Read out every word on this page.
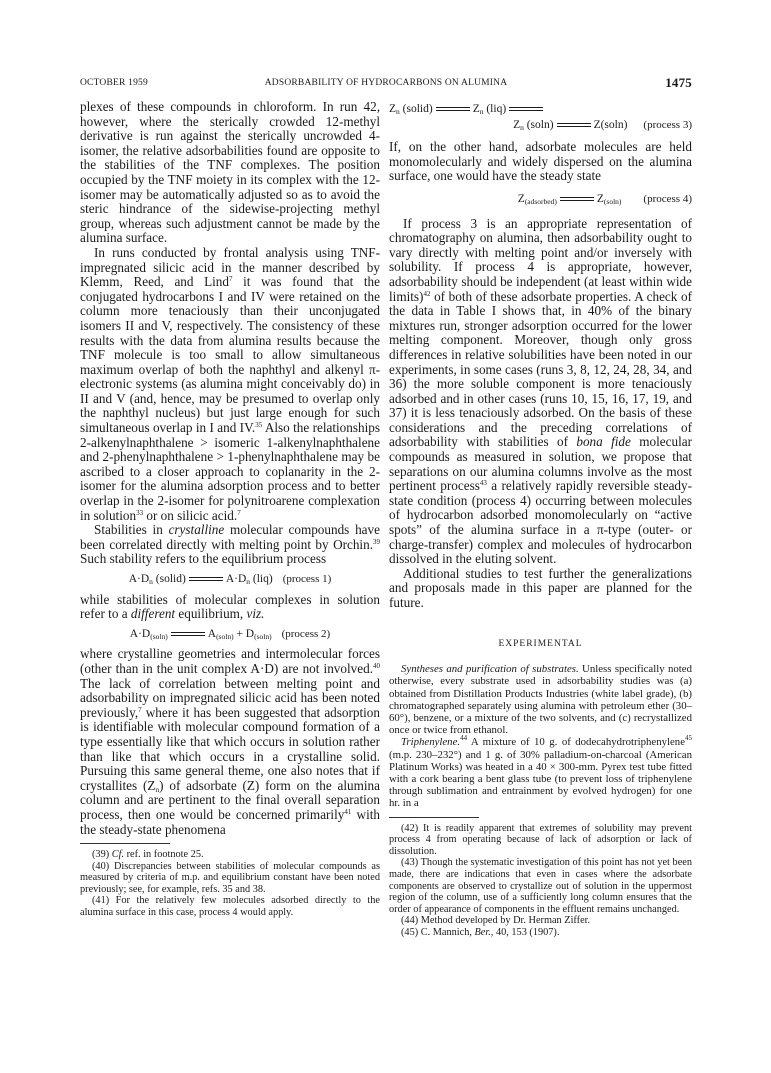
OCTOBER 1959	ADSORBABILITY OF HYDROCARBONS ON ALUMINA	1475

plexes of these compounds in chloroform. In run 42, however, where the sterically crowded 12-methyl derivative is run against the sterically uncrowded 4-isomer, the relative adsorbabilities found are opposite to the stabilities of the TNF complexes. The position occupied by the TNF moiety in its complex with the 12-isomer may be automatically adjusted so as to avoid the steric hindrance of the sidewise-projecting methyl group, whereas such adjustment cannot be made by the alumina surface.

In runs conducted by frontal analysis using TNF-impregnated silicic acid in the manner described by Klemm, Reed, and Lind$^7$ it was found that the conjugated hydrocarbons I and IV were retained on the column more tenaciously than their unconjugated isomers II and V, respectively. The consistency of these results with the data from alumina results because the TNF molecule is too small to allow simultaneous maximum overlap of both the naphthyl and alkenyl π-electronic systems (as alumina might conceivably do) in II and V (and, hence, may be presumed to overlap only the naphthyl nucleus) but just large enough for such simultaneous overlap in I and IV.$^{35}$ Also the relationships 2-alkenylnaphthalene > isomeric 1-alkenylnaphthalene and 2-phenylnaphthalene > 1-phenylnaphthalene may be ascribed to a closer approach to coplanarity in the 2-isomer for the alumina adsorption process and to better overlap in the 2-isomer for polynitroarene complexation in solution$^{33}$ or on silicic acid.$^7$

Stabilities in crystalline molecular compounds have been correlated directly with melting point by Orchin.$^{39}$ Such stability refers to the equilibrium process

$A\cdot D_n$ (solid)	$A\cdot D_n$ (liq) (process 1)

while stabilities of molecular complexes in solution refer to a different equilibrium, viz.

$A\cdot D_{(soln)}$	$A_{(soln)} + D_{(soln)}$ (process 2)

where crystalline geometries and intermolecular forces (other than in the unit complex A·D) are not involved.$^{40}$ The lack of correlation between melting point and adsorbability on impregnated silicic acid has been noted previously,$^7$ where it has been suggested that adsorption is identifiable with molecular compound formation of a type essentially like that which occurs in solution rather than like that which occurs in a crystalline solid. Pursuing this same general theme, one also notes that if crystallites $(Z_n)$ of adsorbate (Z) form on the alumina column and are pertinent to the final overall separation process, then one would be concerned primarily$^{41}$ with the steady-state phenomena

(39) Cf. ref. in footnote 25.

(40) Discrepancies between stabilities of molecular compounds as measured by criteria of m.p. and equilibrium constant have been noted previously; see, for example, refs. 35 and 38.

(41) For the relatively few molecules adsorbed directly to the alumina surface in this case, process 4 would apply.

$Z_n$ (solid)	$Z_n$ (liq)
$Z_n$ (soln)	Z(soln) (process 3)

If, on the other hand, adsorbate molecules are held monomolecularly and widely dispersed on the alumina surface, one would have the steady state

$Z_{(adsorbed)}$	$Z_{(soln)}$ (process 4)

If process 3 is an appropriate representation of chromatography on alumina, then adsorbability ought to vary directly with melting point and/or inversely with solubility. If process 4 is appropriate, however, adsorbability should be independent (at least within wide limits)$^{42}$ of both of these adsorbate properties. A check of the data in Table I shows that, in 40% of the binary mixtures run, stronger adsorption occurred for the lower melting component. Moreover, though only gross differences in relative solubilities have been noted in our experiments, in some cases (runs 3, 8, 12, 24, 28, 34, and 36) the more soluble component is more tenaciously adsorbed and in other cases (runs 10, 15, 16, 17, 19, and 37) it is less tenaciously adsorbed. On the basis of these considerations and the preceding correlations of adsorbability with stabilities of bona fide molecular compounds as measured in solution, we propose that separations on our alumina columns involve as the most pertinent process$^{43}$ a relatively rapidly reversible steady-state condition (process 4) occurring between molecules of hydrocarbon adsorbed monomolecularly on “active spots” of the alumina surface in a π-type (outer- or charge-transfer) complex and molecules of hydrocarbon dissolved in the eluting solvent.

Additional studies to test further the generalizations and proposals made in this paper are planned for the future.

EXPERIMENTAL

Syntheses and purification of substrates. Unless specifically noted otherwise, every substrate used in adsorbability studies was (a) obtained from Distillation Products Industries (white label grade), (b) chromatographed separately using alumina with petroleum ether (30–60°), benzene, or a mixture of the two solvents, and (c) recrystallized once or twice from ethanol.

Triphenylene.$^{44}$ A mixture of 10 g. of dodecahydrotriphenylene$^{45}$ (m.p. 230–232°) and 1 g. of 30% palladium-on-charcoal (American Platinum Works) was heated in a 40 × 300-mm. Pyrex test tube fitted with a cork bearing a bent glass tube (to prevent loss of triphenylene through sublimation and entrainment by evolved hydrogen) for one hr. in a

(42) It is readily apparent that extremes of solubility may prevent process 4 from operating because of lack of adsorption or lack of dissolution.

(43) Though the systematic investigation of this point has not yet been made, there are indications that even in cases where the adsorbate components are observed to crystallize out of solution in the uppermost region of the column, use of a sufficiently long column ensures that the order of appearance of components in the effluent remains unchanged.

(44) Method developed by Dr. Herman Ziffer.

(45) C. Mannich, Ber., 40, 153 (1907).
